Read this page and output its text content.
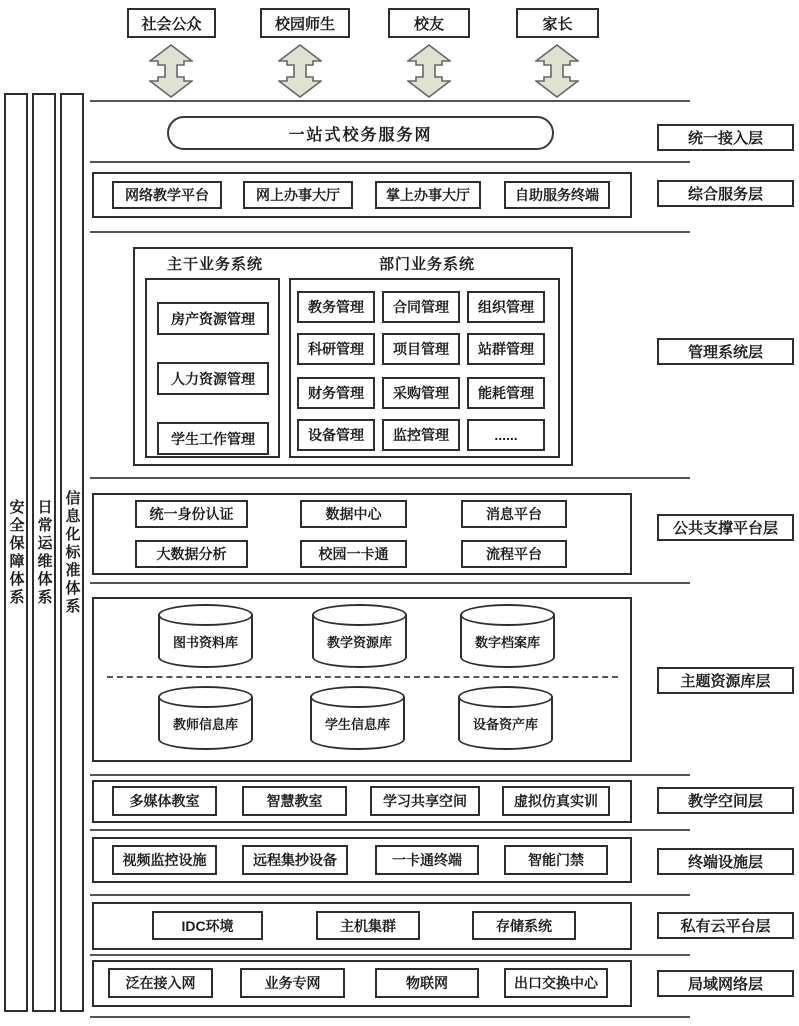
社会公众	校园师生	校友	家长
安全保障体系 日常运维体系 信息化标准体系
一站式校务服务网	统一接入层
网络教学平台	网上办事大厅	掌上办事大厅	自助服务终端	综合服务层
主干业务系统	部门业务系统
房产资源管理
人力资源管理
学生工作管理
教务管理 合同管理 组织管理
科研管理 项目管理 站群管理
财务管理 采购管理 能耗管理
设备管理 监控管理	......
管理系统层
统一身份认证	数据中心	消息平台
大数据分析	校园一卡通	流程平台
公共支撑平台层
图书资料库	教学资源库	数字档案库
教师信息库	学生信息库	设备资产库
主题资源库层
多媒体教室	智慧教室	学习共享空间	虚拟仿真实训	教学空间层
视频监控设施	远程集抄设备	一卡通终端	智能门禁	终端设施层
IDC环境	主机集群	存储系统	私有云平台层
泛在接入网	业务专网	物联网	出口交换中心	局域网络层
